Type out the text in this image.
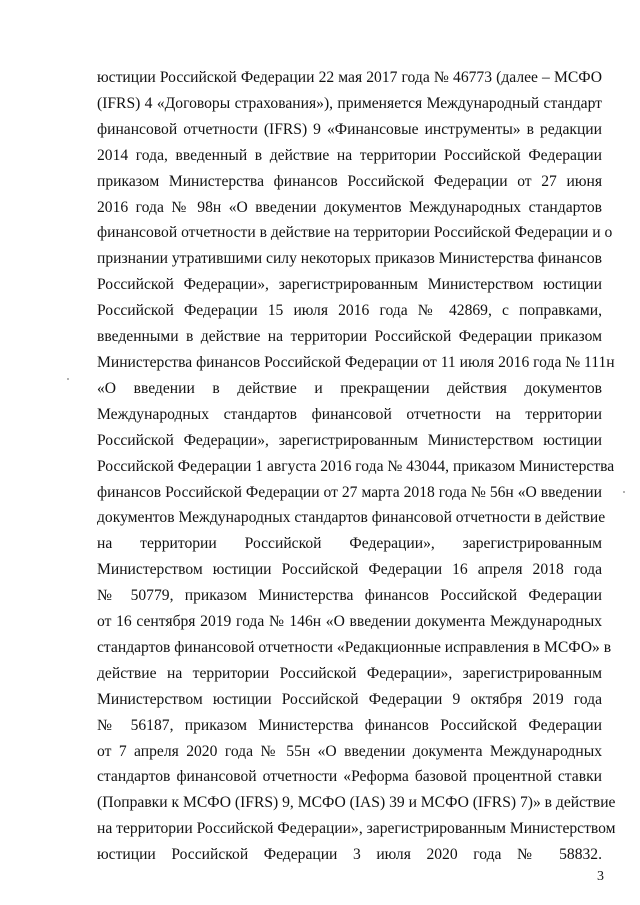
юстиции Российской Федерации 22 мая 2017 года № 46773 (далее – МСФО
(IFRS) 4 «Договоры страхования»), применяется Международный стандарт
финансовой отчетности (IFRS) 9 «Финансовые инструменты» в редакции
2014 года, введенный в действие на территории Российской Федерации
приказом Министерства финансов Российской Федерации от 27 июня
2016 года № 98н «О введении документов Международных стандартов
финансовой отчетности в действие на территории Российской Федерации и о
признании утратившими силу некоторых приказов Министерства финансов
Российской Федерации», зарегистрированным Министерством юстиции
Российской Федерации 15 июля 2016 года № 42869, с поправками,
введенными в действие на территории Российской Федерации приказом
Министерства финансов Российской Федерации от 11 июля 2016 года № 111н
«О введении в действие и прекращении действия документов
Международных стандартов финансовой отчетности на территории
Российской Федерации», зарегистрированным Министерством юстиции
Российской Федерации 1 августа 2016 года № 43044, приказом Министерства
финансов Российской Федерации от 27 марта 2018 года № 56н «О введении
документов Международных стандартов финансовой отчетности в действие
на территории Российской Федерации», зарегистрированным
Министерством юстиции Российской Федерации 16 апреля 2018 года
№ 50779, приказом Министерства финансов Российской Федерации
от 16 сентября 2019 года № 146н «О введении документа Международных
стандартов финансовой отчетности «Редакционные исправления в МСФО» в
действие на территории Российской Федерации», зарегистрированным
Министерством юстиции Российской Федерации 9 октября 2019 года
№ 56187, приказом Министерства финансов Российской Федерации
от 7 апреля 2020 года № 55н «О введении документа Международных
стандартов финансовой отчетности «Реформа базовой процентной ставки
(Поправки к МСФО (IFRS) 9, МСФО (IAS) 39 и МСФО (IFRS) 7)» в действие
на территории Российской Федерации», зарегистрированным Министерством
юстиции Российской Федерации 3 июля 2020 года № 58832.
3
